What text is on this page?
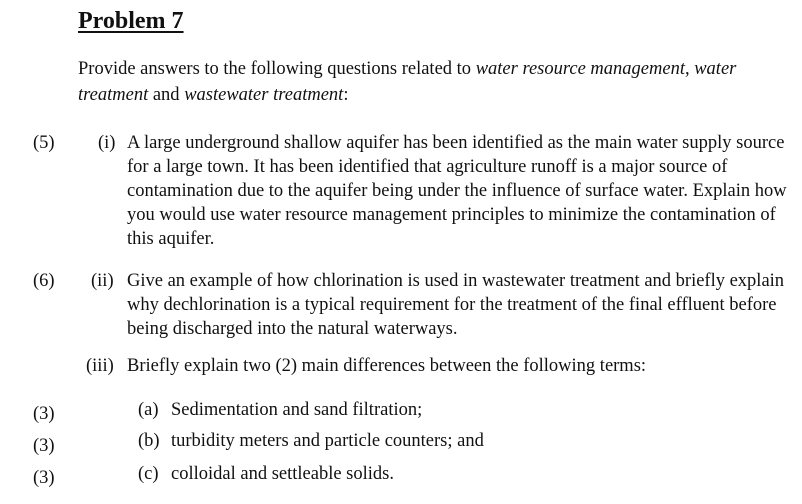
Problem 7

Provide answers to the following questions related to water resource management, water treatment and wastewater treatment:

(5) (i) A large underground shallow aquifer has been identified as the main water supply source for a large town. It has been identified that agriculture runoff is a major source of contamination due to the aquifer being under the influence of surface water. Explain how you would use water resource management principles to minimize the contamination of this aquifer.

(6) (ii) Give an example of how chlorination is used in wastewater treatment and briefly explain why dechlorination is a typical requirement for the treatment of the final effluent before being discharged into the natural waterways.

(iii) Briefly explain two (2) main differences between the following terms:

(3)	(a) Sedimentation and sand filtration;
(3)	(b) turbidity meters and particle counters; and
(3)	(c) colloidal and settleable solids.
